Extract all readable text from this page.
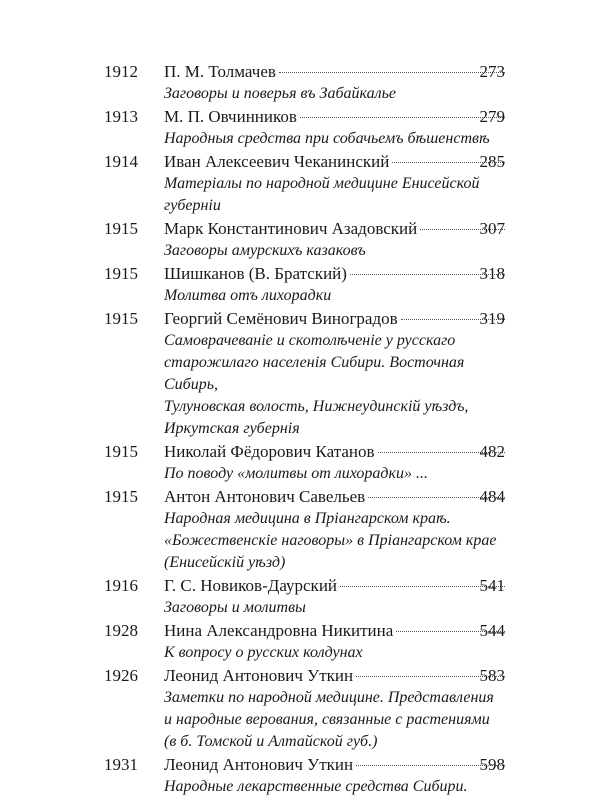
1912	П. М. Толмачев	273
Заговоры и поверья въ Забайкалье
1913	М. П. Овчинников	279
Народныя средства при собачьемъ бѣшенствѣ
1914	Иван Алексеевич Чеканинский	285
Матеріалы по народной медицине Енисейской губерніи
1915	Марк Константинович Азадовский	307
Заговоры амурскихъ казаковъ
1915	Шишканов (В. Братский)	318
Молитва отъ лихорадки
1915	Георгий Семёнович Виноградов	319
Самоврачеваніе и скотолѣченіе у русскаго
старожилаго населенія Сибири. Восточная Сибирь,
Тулуновская волость, Нижнеудинскій уѣздъ,
Иркутская губернія
1915	Николай Фёдорович Катанов	482
По поводу «молитвы от лихорадки» ...
1915	Антон Антонович Савельев	484
Народная медицина в Пріангарском краѣ.
«Божественскіе наговоры» в Пріангарском крае
(Енисейскій уѣзд)
1916	Г. С. Новиков-Даурский	541
Заговоры и молитвы
1928	Нина Александровна Никитина	544
К вопросу о русских колдунах
1926	Леонид Антонович Уткин	583
Заметки по народной медицине. Представления
и народные верования, связанные с растениями
(в б. Томской и Алтайской губ.)
1931	Леонид Антонович Уткин	598
Народные лекарственные средства Сибири.
